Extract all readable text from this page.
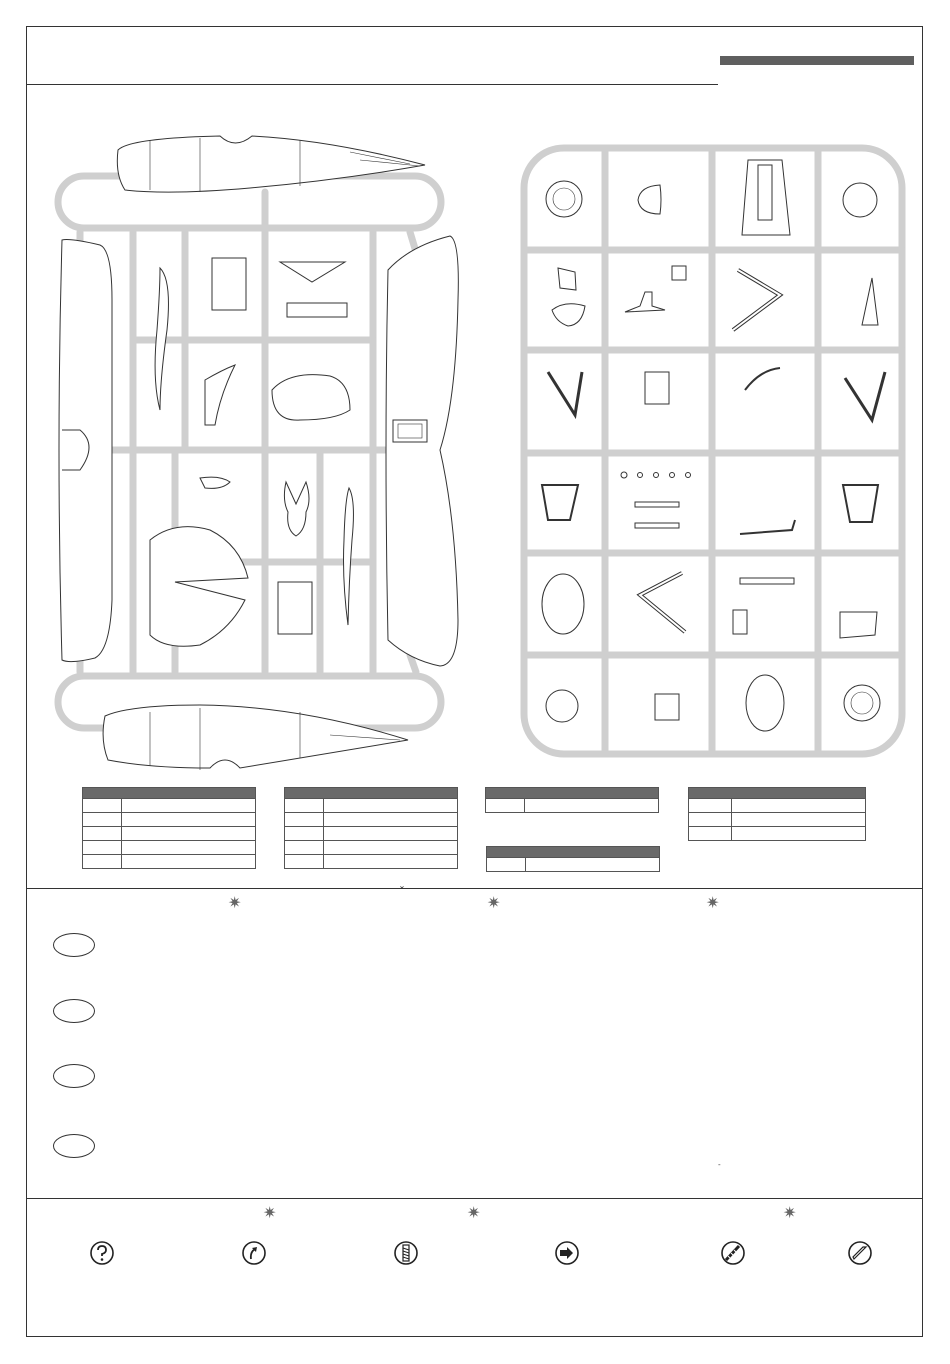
ˇ
✷	✷	✷
-
✷	✷	✷
